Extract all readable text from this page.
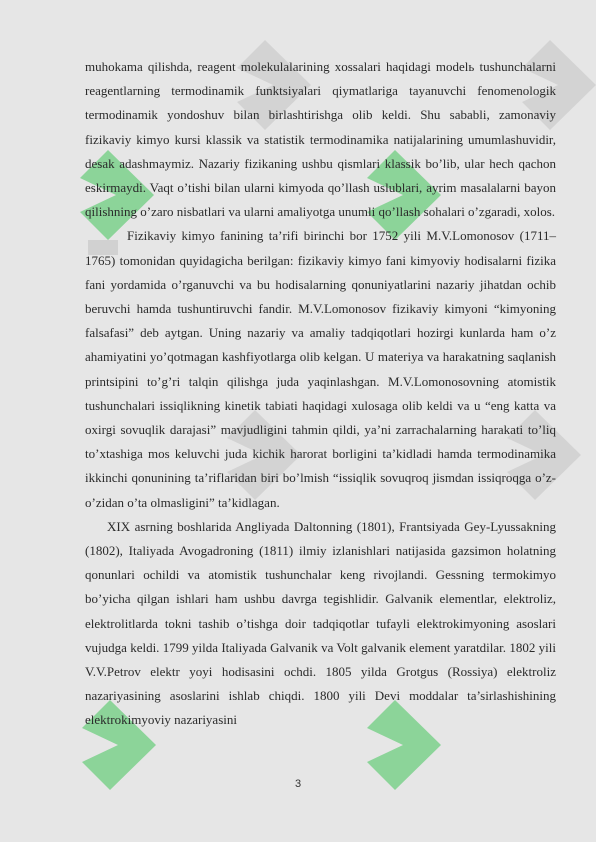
muhokama qilishda, reagent molekulalarining xossalari haqidagi modelь tushunchalarni reagentlarning termodinamik funktsiyalari qiymatlariga tayanuvchi fenomenologik termodinamik yondoshuv bilan birlashtirishga olib keldi. Shu sababli, zamonaviy fizikaviy kimyo kursi klassik va statistik termodinamika natijalarining umumlashuvidir, desak adashmaymiz. Nazariy fizikaning ushbu qismlari klassik bo’lib, ular hech qachon eskirmaydi. Vaqt o’tishi bilan ularni kimyoda qo’llash uslublari, ayrim masalalarni bayon qilishning o’zaro nisbatlari va ularni amaliyotga unumli qo’llash sohalari o’zgaradi, xolos.

Fizikaviy kimyo fanining ta’rifi birinchi bor 1752 yili M.V.Lomonosov (1711–1765) tomonidan quyidagicha berilgan: fizikaviy kimyo fani kimyoviy hodisalarni fizika fani yordamida o’rganuvchi va bu hodisalarning qonuniyatlarini nazariy jihatdan ochib beruvchi hamda tushuntiruvchi fandir. M.V.Lomonosov fizikaviy kimyoni “kimyoning falsafasi” deb aytgan. Uning nazariy va amaliy tadqiqotlari hozirgi kunlarda ham o’z ahamiyatini yo’qotmagan kashfiyotlarga olib kelgan. U materiya va harakatning saqlanish printsipini to’g’ri talqin qilishga juda yaqinlashgan. M.V.Lomonosovning atomistik tushunchalari issiqlikning kinetik tabiati haqidagi xulosaga olib keldi va u “eng katta va oxirgi sovuqlik darajasi” mavjudligini tahmin qildi, ya’ni zarrachalarning harakati to’liq to’xtashiga mos keluvchi juda kichik harorat borligini ta’kidladi hamda termodinamika ikkinchi qonunining ta’riflaridan biri bo’lmish “issiqlik sovuqroq jismdan issiqroqga o’z-o’zidan o’ta olmasligini” ta’kidlagan.

XIX asrning boshlarida Angliyada Daltonning (1801), Frantsiyada Gey-Lyussakning (1802), Italiyada Avogadroning (1811) ilmiy izlanishlari natijasida gazsimon holatning qonunlari ochildi va atomistik tushunchalar keng rivojlandi. Gessning termokimyo bo’yicha qilgan ishlari ham ushbu davrga tegishlidir. Galvanik elementlar, elektroliz, elektrolitlarda tokni tashib o’tishga doir tadqiqotlar tufayli elektrokimyoning asoslari vujudga keldi. 1799 yilda Italiyada Galvanik va Volt galvanik element yaratdilar. 1802 yili V.V.Petrov elektr yoyi hodisasini ochdi. 1805 yilda Grotgus (Rossiya) elektroliz nazariyasining asoslarini ishlab chiqdi. 1800 yili Devi moddalar ta’sirlashishining elektrokimyoviy nazariyasini

3
